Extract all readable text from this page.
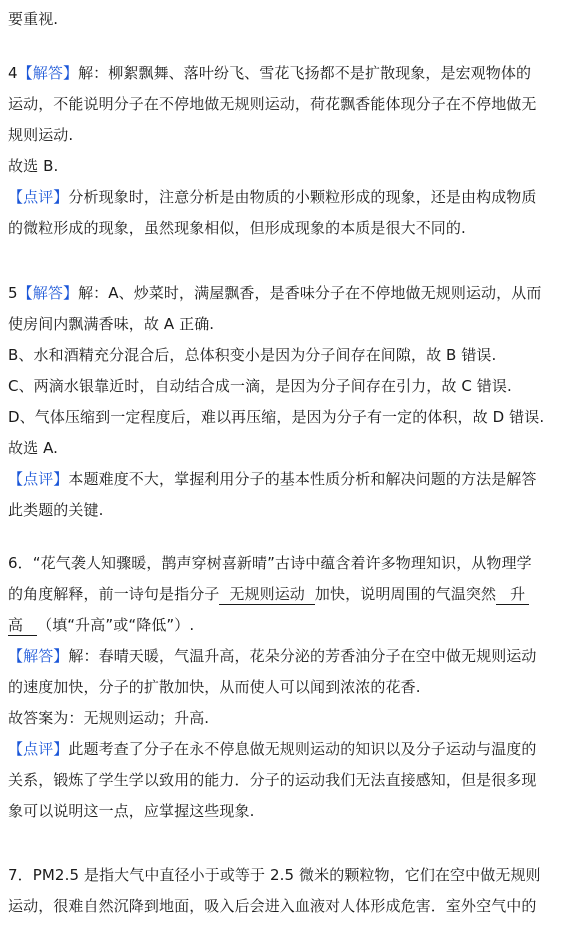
要重视.
4【解答】解：柳絮飘舞、落叶纷飞、雪花飞扬都不是扩散现象，是宏观物体的
运动，不能说明分子在不停地做无规则运动，荷花飘香能体现分子在不停地做无
规则运动.
故选 B.
【点评】分析现象时，注意分析是由物质的小颗粒形成的现象，还是由构成物质
的微粒形成的现象，虽然现象相似，但形成现象的本质是很大不同的.
5【解答】解：A、炒菜时，满屋飘香，是香味分子在不停地做无规则运动，从而
使房间内飘满香味，故 A 正确.
B、水和酒精充分混合后，总体积变小是因为分子间存在间隙，故 B 错误.
C、两滴水银靠近时，自动结合成一滴，是因为分子间存在引力，故 C 错误.
D、气体压缩到一定程度后，难以再压缩，是因为分子有一定的体积，故 D 错误.
故选 A.
【点评】本题难度不大，掌握利用分子的基本性质分析和解决问题的方法是解答
此类题的关键.
6．“花气袭人知骤暖，鹊声穿树喜新晴”古诗中蕴含着许多物理知识，从物理学
的角度解释，前一诗句是指分子 无规则运动 加快，说明周围的气温突然 升
高 （填“升高”或“降低”）.
【解答】解：春晴天暖，气温升高，花朵分泌的芳香油分子在空中做无规则运动
的速度加快，分子的扩散加快，从而使人可以闻到浓浓的花香.
故答案为：无规则运动；升高.
【点评】此题考查了分子在永不停息做无规则运动的知识以及分子运动与温度的
关系，锻炼了学生学以致用的能力．分子的运动我们无法直接感知，但是很多现
象可以说明这一点，应掌握这些现象.
7．PM2.5 是指大气中直径小于或等于 2.5 微米的颗粒物，它们在空中做无规则
运动，很难自然沉降到地面，吸入后会进入血液对人体形成危害．室外空气中的
